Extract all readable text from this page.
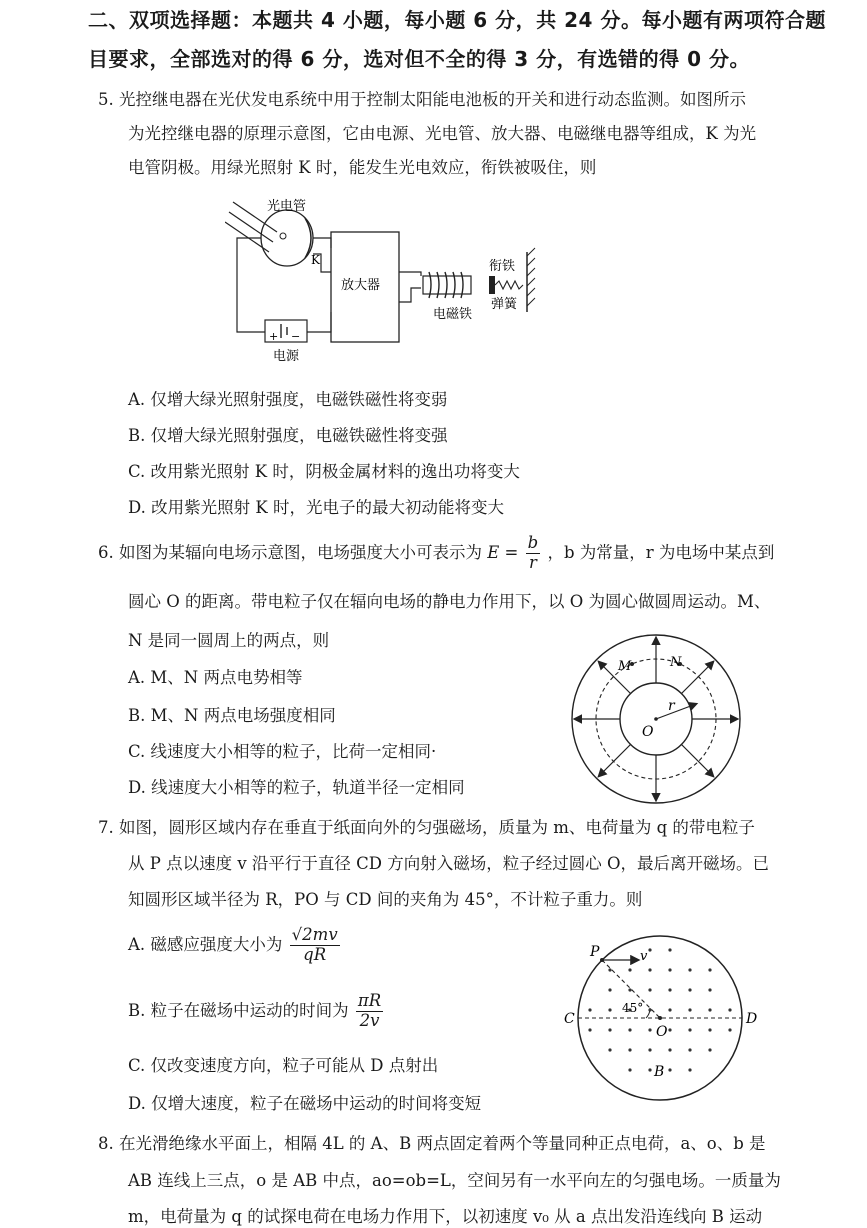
二、双项选择题：本题共 4 小题，每小题 6 分，共 24 分。每小题有两项符合题
目要求，全部选对的得 6 分，选对但不全的得 3 分，有选错的得 0 分。
5. 光控继电器在光伏发电系统中用于控制太阳能电池板的开关和进行动态监测。如图所示
为光控继电器的原理示意图，它由电源、光电管、放大器、电磁继电器等组成，K 为光
电管阴极。用绿光照射 K 时，能发生光电效应，衔铁被吸住，则
光电管
K
+ −
电源
放大器
电磁铁
衔铁
弹簧
A. 仅增大绿光照射强度，电磁铁磁性将变弱
B. 仅增大绿光照射强度，电磁铁磁性将变强
C. 改用紫光照射 K 时，阴极金属材料的逸出功将变大
D. 改用紫光照射 K 时，光电子的最大初动能将变大
6. 如图为某辐向电场示意图，电场强度大小可表示为 $E = \frac{b}{r}$ ，b 为常量，r 为电场中某点到
圆心 O 的距离。带电粒子仅在辐向电场的静电力作用下，以 O 为圆心做圆周运动。M、
N 是同一圆周上的两点，则
M	N
r
O
A. M、N 两点电势相等
B. M、N 两点电场强度相同
C. 线速度大小相等的粒子，比荷一定相同·
D. 线速度大小相等的粒子，轨道半径一定相同
7. 如图，圆形区域内存在垂直于纸面向外的匀强磁场，质量为 m、电荷量为 q 的带电粒子
从 P 点以速度 v 沿平行于直径 CD 方向射入磁场，粒子经过圆心 O，最后离开磁场。已
知圆形区域半径为 R，PO 与 CD 间的夹角为 45°，不计粒子重力。则
A. 磁感应强度大小为 $\frac{√2mv}{qR}$
B. 粒子在磁场中运动的时间为 $\frac{\pi R}{2v}$
C. 仅改变速度方向，粒子可能从 D 点射出
D. 仅增大速度，粒子在磁场中运动的时间将变短
P	v
C	D
O
45°
B
8. 在光滑绝缘水平面上，相隔 4L 的 A、B 两点固定着两个等量同种正点电荷，a、o、b 是
AB 连线上三点，o 是 AB 中点，ao=ob=L，空间另有一水平向左的匀强电场。一质量为
m，电荷量为 q 的试探电荷在电场力作用下，以初速度 v₀ 从 a 点出发沿连线向 B 运动
